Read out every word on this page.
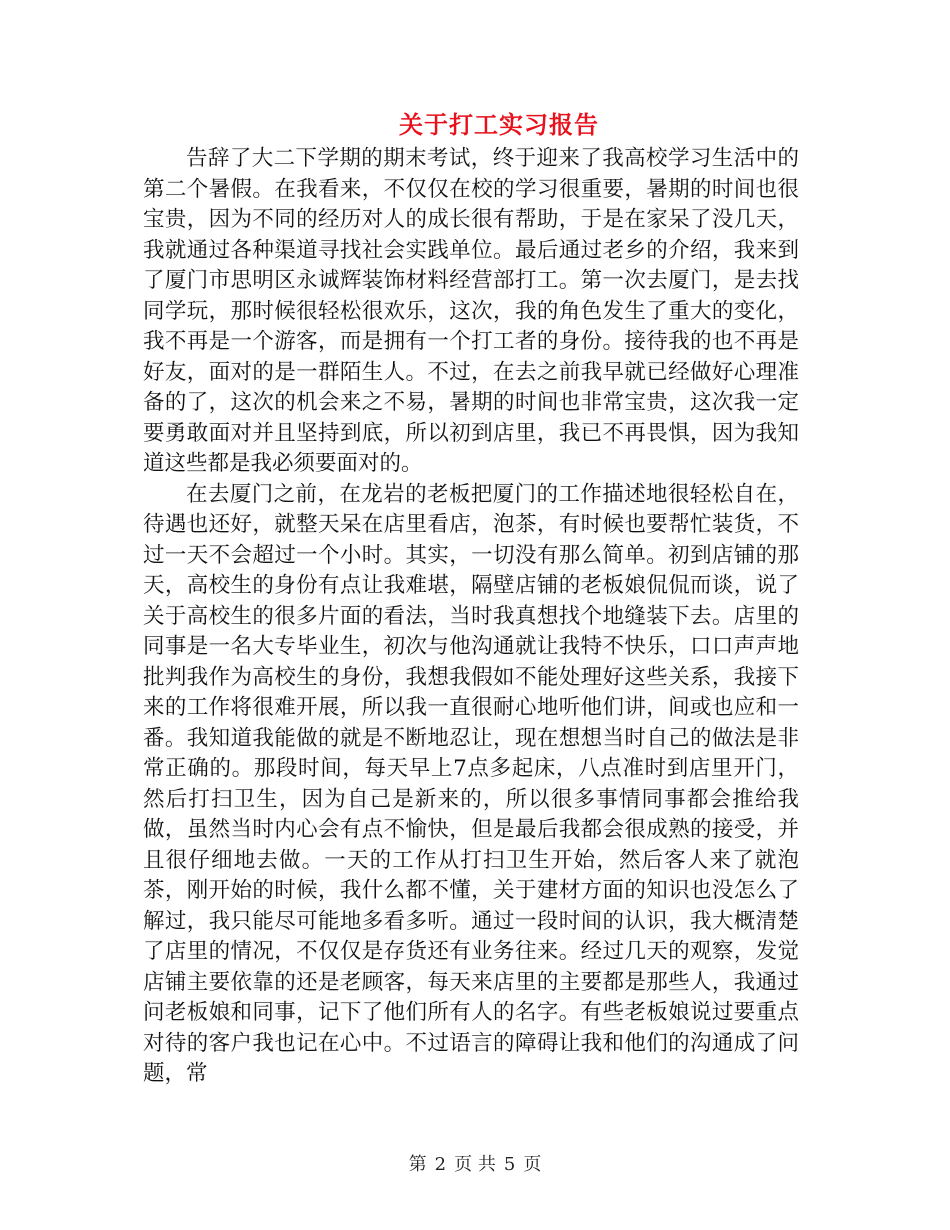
关于打工实习报告

告辞了大二下学期的期末考试，终于迎来了我高校学习生活中的第二个暑假。在我看来，不仅仅在校的学习很重要，暑期的时间也很宝贵，因为不同的经历对人的成长很有帮助，于是在家呆了没几天，我就通过各种渠道寻找社会实践单位。最后通过老乡的介绍，我来到了厦门市思明区永诚辉装饰材料经营部打工。第一次去厦门，是去找同学玩，那时候很轻松很欢乐，这次，我的角色发生了重大的变化，我不再是一个游客，而是拥有一个打工者的身份。接待我的也不再是好友，面对的是一群陌生人。不过，在去之前我早就已经做好心理准备的了，这次的机会来之不易，暑期的时间也非常宝贵，这次我一定要勇敢面对并且坚持到底，所以初到店里，我已不再畏惧，因为我知道这些都是我必须要面对的。

在去厦门之前，在龙岩的老板把厦门的工作描述地很轻松自在，待遇也还好，就整天呆在店里看店，泡茶，有时候也要帮忙装货，不过一天不会超过一个小时。其实，一切没有那么简单。初到店铺的那天，高校生的身份有点让我难堪，隔壁店铺的老板娘侃侃而谈，说了关于高校生的很多片面的看法，当时我真想找个地缝装下去。店里的同事是一名大专毕业生，初次与他沟通就让我特不快乐，口口声声地批判我作为高校生的身份，我想我假如不能处理好这些关系，我接下来的工作将很难开展，所以我一直很耐心地听他们讲，间或也应和一番。我知道我能做的就是不断地忍让，现在想想当时自己的做法是非常正确的。那段时间，每天早上7点多起床，八点准时到店里开门，然后打扫卫生，因为自己是新来的，所以很多事情同事都会推给我做，虽然当时内心会有点不愉快，但是最后我都会很成熟的接受，并且很仔细地去做。一天的工作从打扫卫生开始，然后客人来了就泡茶，刚开始的时候，我什么都不懂，关于建材方面的知识也没怎么了解过，我只能尽可能地多看多听。通过一段时间的认识，我大概清楚了店里的情况，不仅仅是存货还有业务往来。经过几天的观察，发觉店铺主要依靠的还是老顾客，每天来店里的主要都是那些人，我通过问老板娘和同事，记下了他们所有人的名字。有些老板娘说过要重点对待的客户我也记在心中。不过语言的障碍让我和他们的沟通成了问题，常

第 2 页 共 5 页
